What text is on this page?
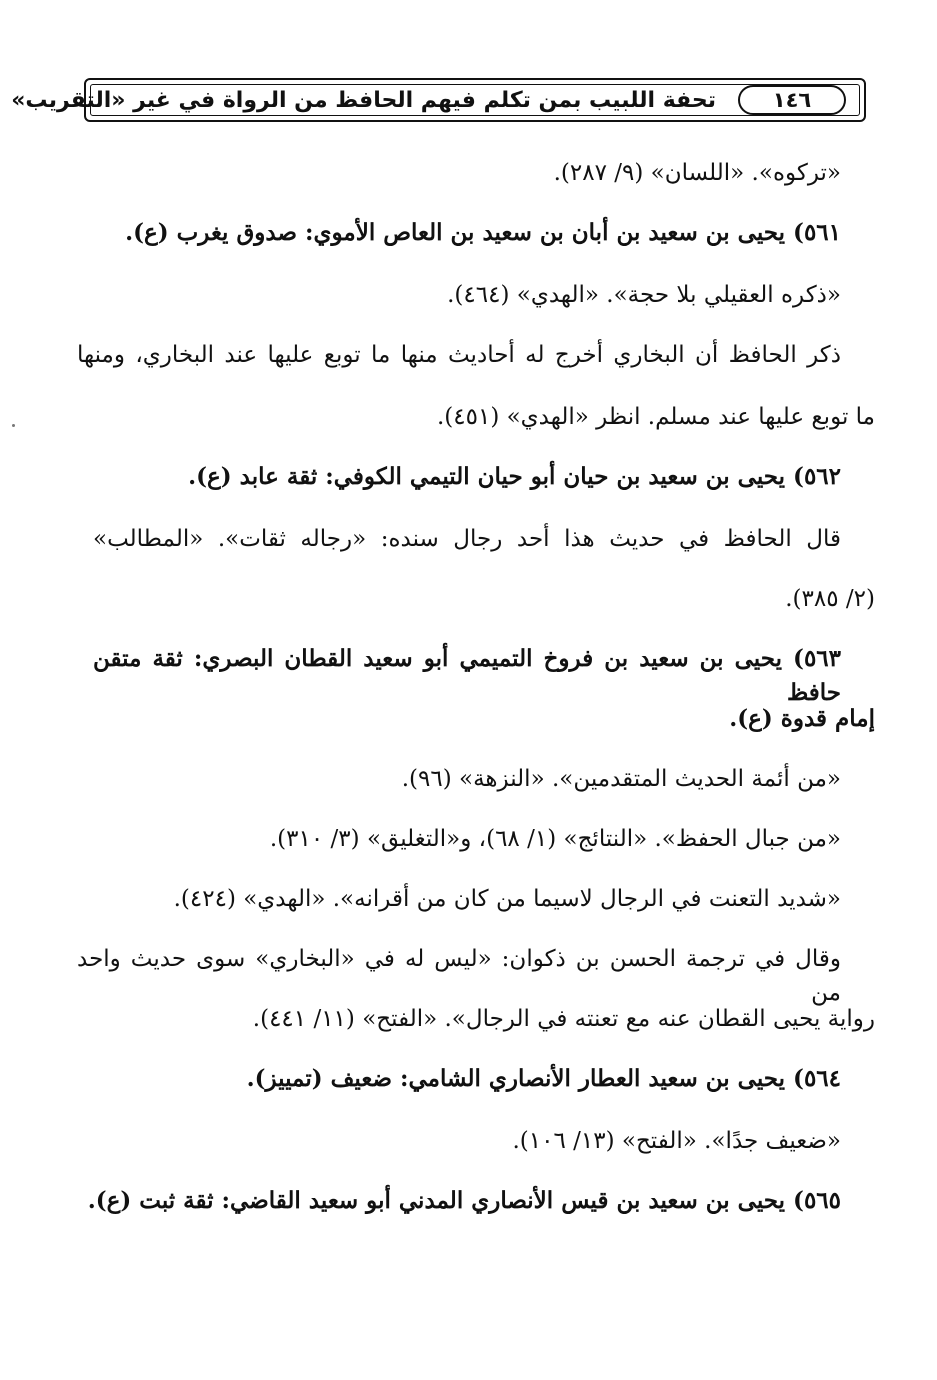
تحفة اللبيب بمن تكلم فيهم الحافظ من الرواة في غير «التقريب»	١٤٦
«تركوه». «اللسان» (٩/ ٢٨٧).
٥٦١) يحيى بن سعيد بن أبان بن سعيد بن العاص الأموي: صدوق يغرب (ع).
«ذكره العقيلي بلا حجة». «الهدي» (٤٦٤).
ذكر الحافظ أن البخاري أخرج له أحاديث منها ما توبع عليها عند البخاري، ومنها
ما توبع عليها عند مسلم. انظر «الهدي» (٤٥١).
٥٦٢) يحيى بن سعيد بن حيان أبو حيان التيمي الكوفي: ثقة عابد (ع).
قال الحافظ في حديث هذا أحد رجال سنده: «رجاله ثقات». «المطالب»
(٢/ ٣٨٥).
٥٦٣) يحيى بن سعيد بن فروخ التميمي أبو سعيد القطان البصري: ثقة متقن حافظ
إمام قدوة (ع).
«من أئمة الحديث المتقدمين». «النزهة» (٩٦).
«من جبال الحفظ». «النتائج» (١/ ٦٨)، و«التغليق» (٣/ ٣١٠).
«شديد التعنت في الرجال لاسيما من كان من أقرانه». «الهدي» (٤٢٤).
وقال في ترجمة الحسن بن ذكوان: «ليس له في «البخاري» سوى حديث واحد من
رواية يحيى القطان عنه مع تعنته في الرجال». «الفتح» (١١/ ٤٤١).
٥٦٤) يحيى بن سعيد العطار الأنصاري الشامي: ضعيف (تمييز).
«ضعيف جدًا». «الفتح» (١٣/ ١٠٦).
٥٦٥) يحيى بن سعيد بن قيس الأنصاري المدني أبو سعيد القاضي: ثقة ثبت (ع).
